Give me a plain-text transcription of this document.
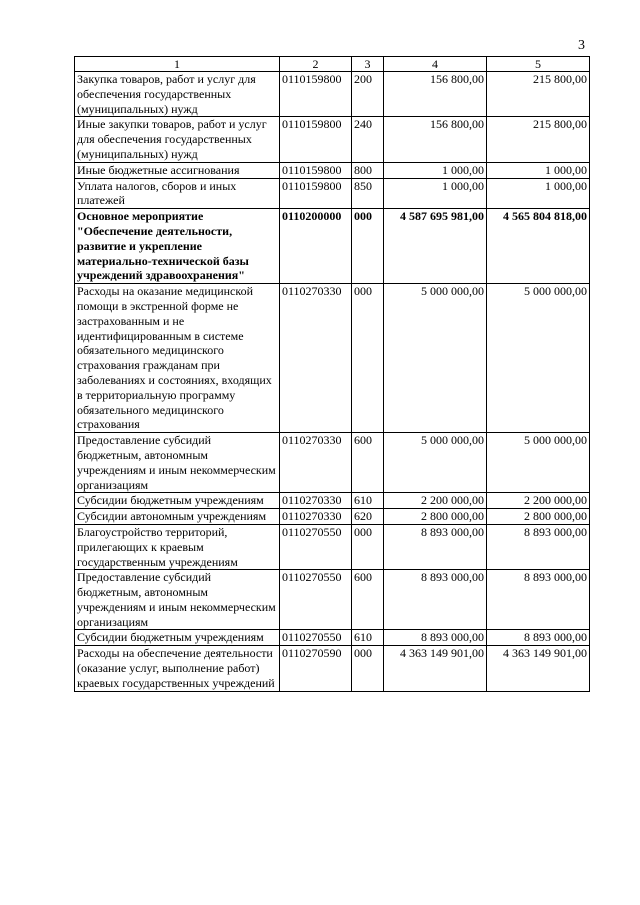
3
1	2	3	4	5
Закупка товаров, работ и услуг для обеспечения государственных (муниципальных) нужд	0110159800	200	156 800,00	215 800,00
Иные закупки товаров, работ и услуг для обеспечения государственных (муниципальных) нужд	0110159800	240	156 800,00	215 800,00
Иные бюджетные ассигнования	0110159800	800	1 000,00	1 000,00
Уплата налогов, сборов и иных платежей	0110159800	850	1 000,00	1 000,00
Основное мероприятие "Обеспечение деятельности, развитие и укрепление материально-технической базы учреждений здравоохранения"	0110200000	000	4 587 695 981,00	4 565 804 818,00
Расходы на оказание медицинской помощи в экстренной форме не застрахованным и не идентифицированным в системе обязательного медицинского страхования гражданам при заболеваниях и состояниях, входящих в территориальную программу обязательного медицинского страхования	0110270330	000	5 000 000,00	5 000 000,00
Предоставление субсидий бюджетным, автономным учреждениям и иным некоммерческим организациям	0110270330	600	5 000 000,00	5 000 000,00
Субсидии бюджетным учреждениям	0110270330	610	2 200 000,00	2 200 000,00
Субсидии автономным учреждениям	0110270330	620	2 800 000,00	2 800 000,00
Благоустройство территорий, прилегающих к краевым государственным учреждениям	0110270550	000	8 893 000,00	8 893 000,00
Предоставление субсидий бюджетным, автономным учреждениям и иным некоммерческим организациям	0110270550	600	8 893 000,00	8 893 000,00
Субсидии бюджетным учреждениям	0110270550	610	8 893 000,00	8 893 000,00
Расходы на обеспечение деятельности (оказание услуг, выполнение работ) краевых государственных учреждений	0110270590	000	4 363 149 901,00	4 363 149 901,00
